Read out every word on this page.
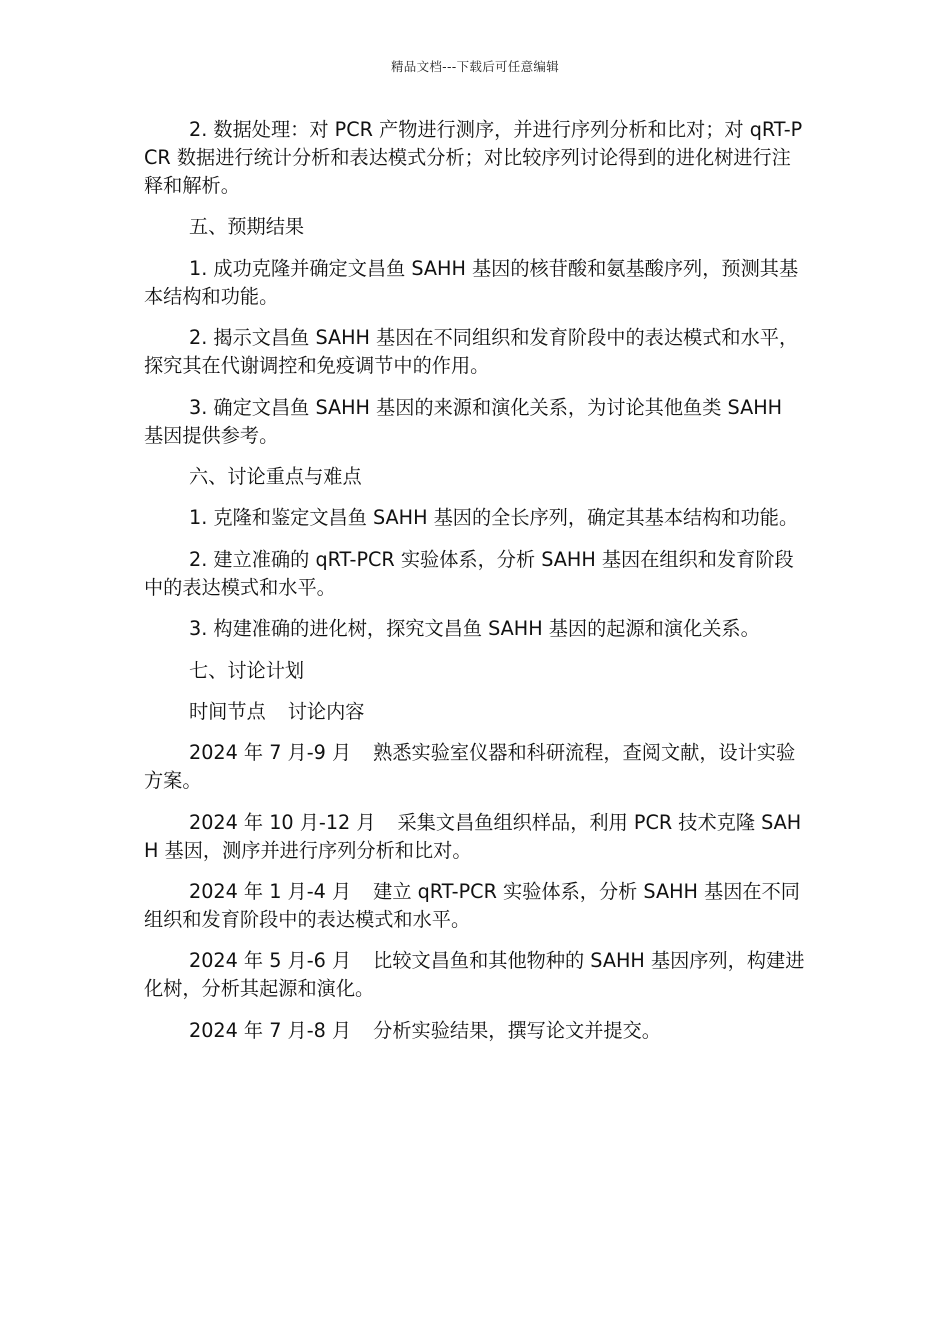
精品文档---下载后可任意编辑

2. 数据处理：对 PCR 产物进行测序，并进行序列分析和比对；对 qRT-PCR 数据进行统计分析和表达模式分析；对比较序列讨论得到的进化树进行注释和解析。

五、预期结果

1. 成功克隆并确定文昌鱼 SAHH 基因的核苷酸和氨基酸序列，预测其基本结构和功能。

2. 揭示文昌鱼 SAHH 基因在不同组织和发育阶段中的表达模式和水平，探究其在代谢调控和免疫调节中的作用。

3. 确定文昌鱼 SAHH 基因的来源和演化关系，为讨论其他鱼类 SAHH 基因提供参考。

六、讨论重点与难点

1. 克隆和鉴定文昌鱼 SAHH 基因的全长序列，确定其基本结构和功能。

2. 建立准确的 qRT-PCR 实验体系，分析 SAHH 基因在组织和发育阶段中的表达模式和水平。

3. 构建准确的进化树，探究文昌鱼 SAHH 基因的起源和演化关系。

七、讨论计划

时间节点 讨论内容

2024 年 7 月-9 月 熟悉实验室仪器和科研流程，查阅文献，设计实验方案。

2024 年 10 月-12 月 采集文昌鱼组织样品，利用 PCR 技术克隆 SAHH 基因，测序并进行序列分析和比对。

2024 年 1 月-4 月 建立 qRT-PCR 实验体系，分析 SAHH 基因在不同组织和发育阶段中的表达模式和水平。

2024 年 5 月-6 月 比较文昌鱼和其他物种的 SAHH 基因序列，构建进化树，分析其起源和演化。

2024 年 7 月-8 月 分析实验结果，撰写论文并提交。
